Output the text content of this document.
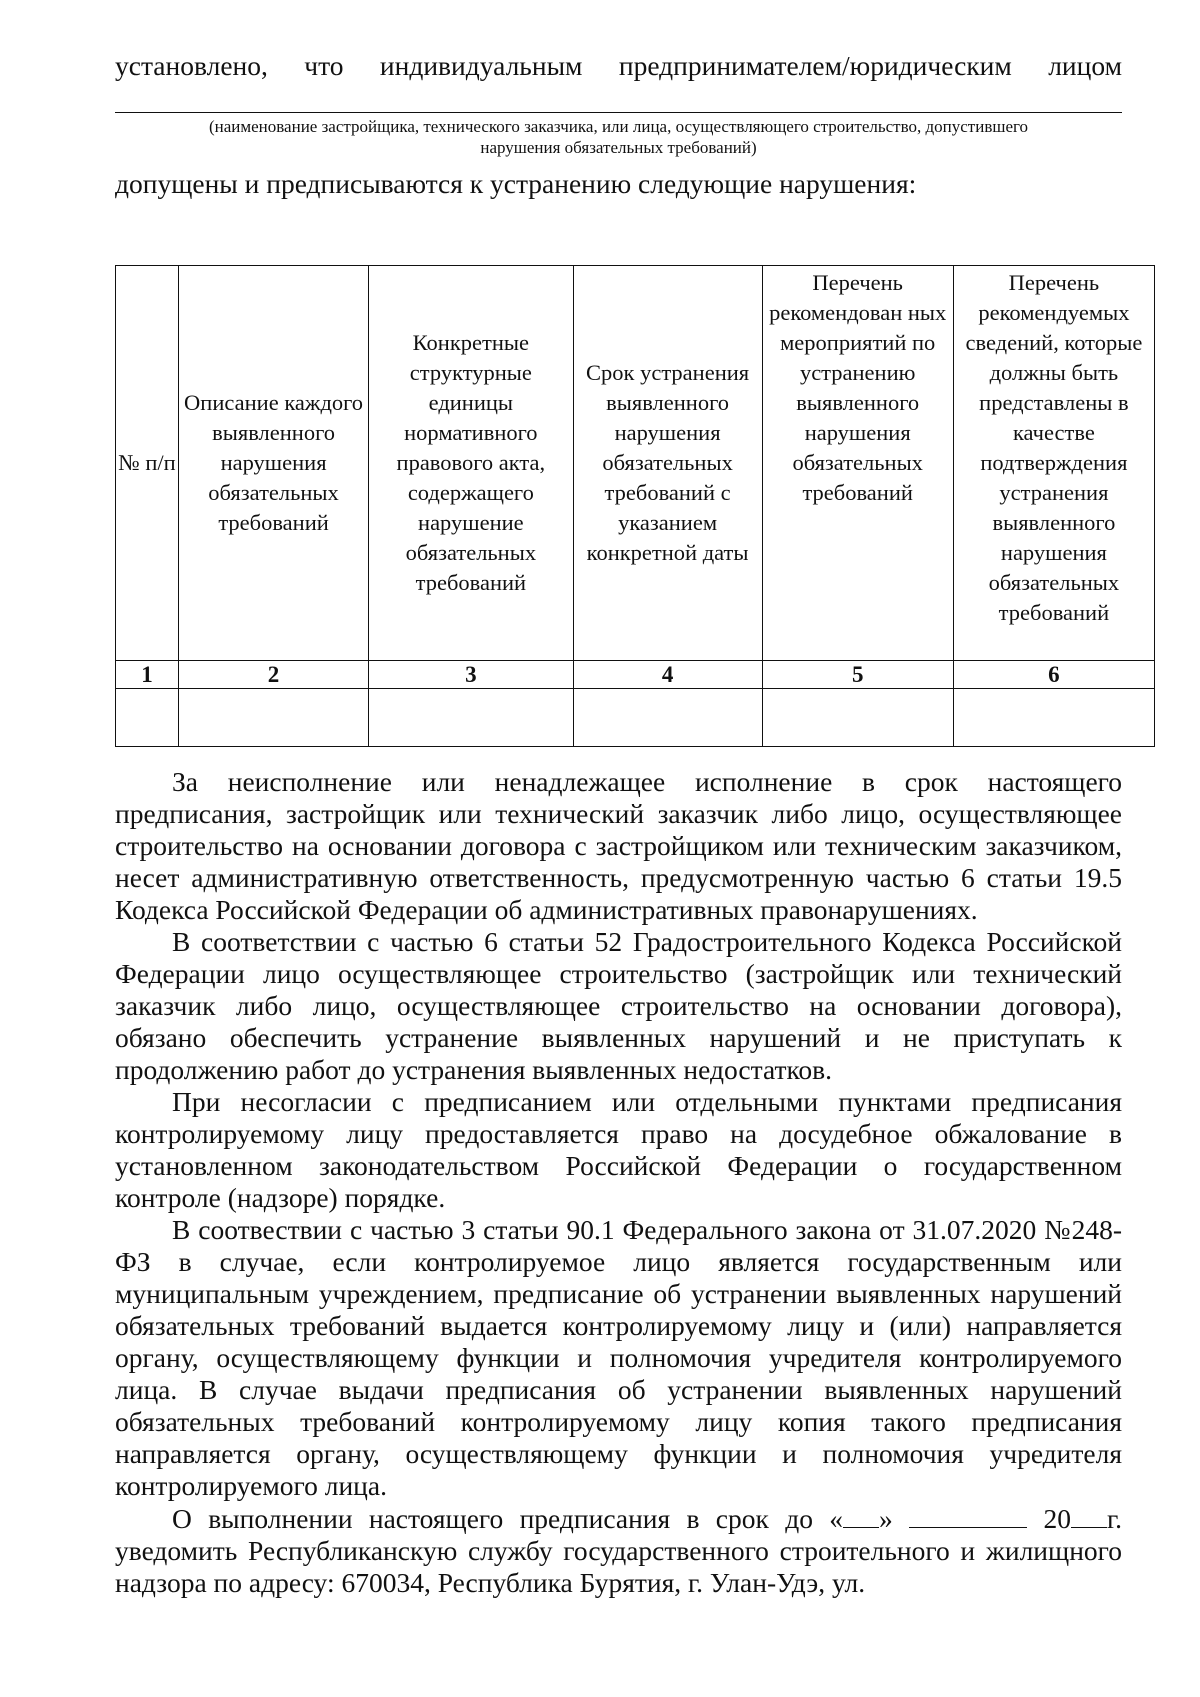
установлено, что индивидуальным предпринимателем/юридическим лицом
(наименование застройщика, технического заказчика, или лица, осуществляющего строительство, допустившего
нарушения обязательных требований)
допущены и предписываются к устранению следующие нарушения:
№ п/п	Описание каждого выявленного нарушения обязательных требований	Конкретные структурные единицы нормативного правового акта, содержащего нарушение обязательных требований	Срок устранения выявленного нарушения обязательных требований с указанием конкретной даты	Перечень рекомендован ных мероприятий по устранению выявленного нарушения обязательных требований	Перечень рекомендуемых сведений, которые должны быть представлены в качестве подтверждения устранения выявленного нарушения обязательных требований
1	2	3	4	5	6

За неисполнение или ненадлежащее исполнение в срок настоящего предписания, застройщик или технический заказчик либо лицо, осуществляющее строительство на основании договора с застройщиком или техническим заказчиком, несет административную ответственность, предусмотренную частью 6 статьи 19.5 Кодекса Российской Федерации об административных правонарушениях.

В соответствии с частью 6 статьи 52 Градостроительного Кодекса Российской Федерации лицо осуществляющее строительство (застройщик или технический заказчик либо лицо, осуществляющее строительство на основании договора), обязано обеспечить устранение выявленных нарушений и не приступать к продолжению работ до устранения выявленных недостатков.

При несогласии с предписанием или отдельными пунктами предписания контролируемому лицу предоставляется право на досудебное обжалование в установленном законодательством Российской Федерации о государственном контроле (надзоре) порядке.

В соотвествии с частью 3 статьи 90.1 Федерального закона от 31.07.2020 №248-ФЗ в случае, если контролируемое лицо является государственным или муниципальным учреждением, предписание об устранении выявленных нарушений обязательных требований выдается контролируемому лицу и (или) направляется органу, осуществляющему функции и полномочия учредителя контролируемого лица. В случае выдачи предписания об устранении выявленных нарушений обязательных требований контролируемому лицу копия такого предписания направляется органу, осуществляющему функции и полномочия учредителя контролируемого лица.

О выполнении настоящего предписания в срок до « »	20 г.

уведомить Республиканскую службу государственного строительного и жилищного надзора по адресу: 670034, Республика Бурятия, г. Улан-Удэ, ул.
